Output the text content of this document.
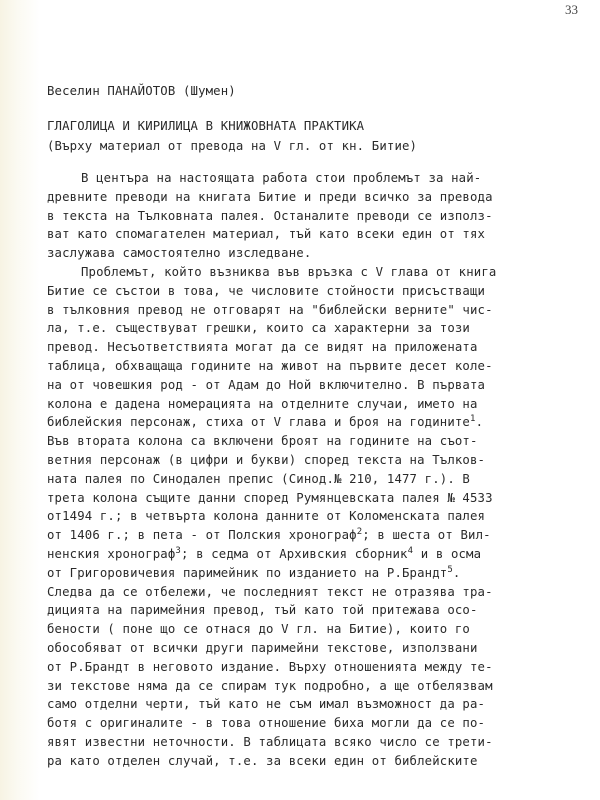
33
Веселин ПАНАЙОТОВ (Шумен)
ГЛАГОЛИЦА И КИРИЛИЦА В КНИЖОВНАТА ПРАКТИКА
(Върху материал от превода на V гл. от кн. Битие)
В центъра на настоящата работа стои проблемът за най-
древните преводи на книгата Битие и преди всичко за превода
в текста на Тълковната палея. Останалите преводи се използ-
ват като спомагателен материал, тъй като всеки един от тях
заслужава самостоятелно изследване.
Проблемът, който възниква във връзка с V глава от книга
Битие се състои в това, че числовите стойности присъстващи
в тълковния превод не отговарят на "библейски верните" чис-
ла, т.е. съществуват грешки, които са характерни за този
превод. Несъответствията могат да се видят на приложената
таблица, обхващаща годините на живот на първите десет коле-
на от човешкия род - от Адам до Ной включително. В първата
колона е дадена номерацията на отделните случаи, името на
библейския персонаж, стиха от V глава и броя на годините$^1$.
Във втората колона са включени броят на годините на съот-
ветния персонаж (в цифри и букви) според текста на Тълков-
ната палея по Синодален препис (Синод.№ 210, 1477 г.). В
трета колона същите данни според Румянцевската палея № 4533
от1494 г.; в четвърта колона данните от Коломенската палея
от 1406 г.; в пета - от Полския хронограф$^2$; в шеста от Вил-
ненския хронограф$^3$; в седма от Архивския сборник$^4$ и в осма
от Григоровичевия паримейник по изданието на Р.Брандт$^5$.
Следва да се отбележи, че последният текст не отразява тра-
дицията на паримейния превод, тъй като той притежава осо-
бености ( поне що се отнася до V гл. на Битие), които го
обособяват от всички други паримейни текстове, използвани
от Р.Брандт в неговото издание. Върху отношенията между те-
зи текстове няма да се спирам тук подробно, а ще отбелязвам
само отделни черти, тъй като не съм имал възможност да ра-
ботя с оригиналите - в това отношение биха могли да се по-
явят известни неточности. В таблицата всяко число се трети-
ра като отделен случай, т.е. за всеки един от библейските
